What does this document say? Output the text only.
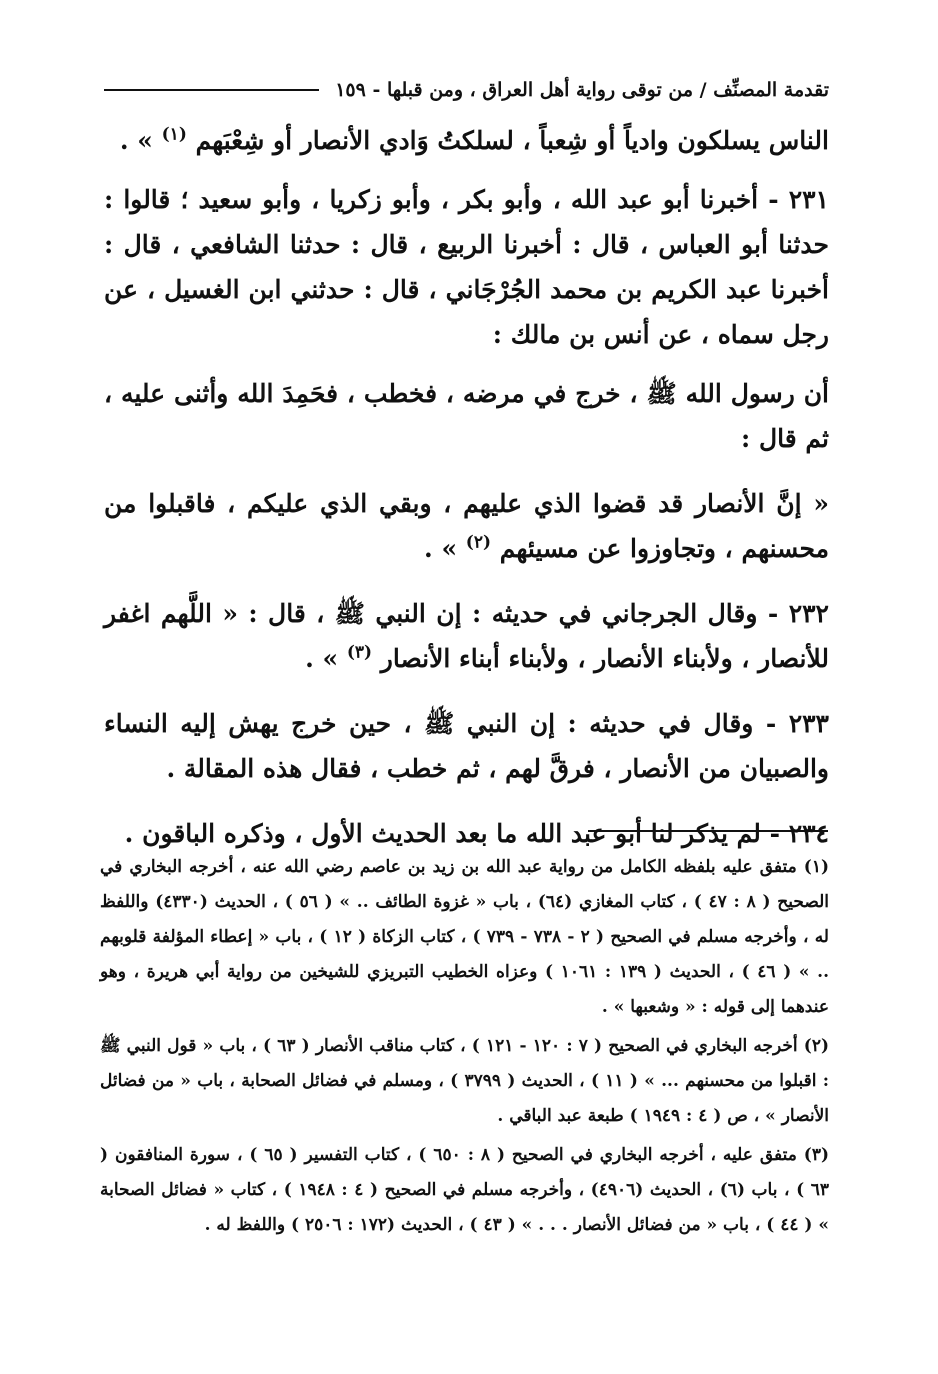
تقدمة المصنِّف / من توقى رواية أهل العراق ، ومن قبلها - ١٥٩

الناس يسلكون وادياً أو شِعباً ، لسلكتُ وَادي الأنصار أو شِعْبَهم $^{(١)}$ » .

٢٣١ - أخبرنا أبو عبد الله ، وأبو بكر ، وأبو زكريا ، وأبو سعيد ؛ قالوا : حدثنا أبو العباس ، قال : أخبرنا الربيع ، قال : حدثنا الشافعي ، قال : أخبرنا عبد الكريم بن محمد الجُرْجَاني ، قال : حدثني ابن الغسيل ، عن رجل سماه ، عن أنس بن مالك :

أن رسول الله ﷺ ، خرج في مرضه ، فخطب ، فحَمِدَ الله وأثنى عليه ، ثم قال :

« إنَّ الأنصار قد قضوا الذي عليهم ، وبقي الذي عليكم ، فاقبلوا من محسنهم ، وتجاوزوا عن مسيئهم $^{(٢)}$ » .

٢٣٢ - وقال الجرجاني في حديثه : إن النبي ﷺ ، قال : « اللَّهم اغفر للأنصار ، ولأبناء الأنصار ، ولأبناء أبناء الأنصار $^{(٣)}$ » .

٢٣٣ - وقال في حديثه : إن النبي ﷺ ، حين خرج يهش إليه النساء والصبيان من الأنصار ، فرقَّ لهم ، ثم خطب ، فقال هذه المقالة .

٢٣٤ - لم يذكر لنا أبو عبد الله ما بعد الحديث الأول ، وذكره الباقون .

(١) متفق عليه بلفظه الكامل من رواية عبد الله بن زيد بن عاصم رضي الله عنه ، أخرجه البخاري في الصحيح ( ٨ : ٤٧ ) ، كتاب المغازي (٦٤) ، باب « غزوة الطائف .. » ( ٥٦ ) ، الحديث (٤٣٣٠) واللفظ له ، وأخرجه مسلم في الصحيح ( ٢ - ٧٣٨ - ٧٣٩ ) ، كتاب الزكاة ( ١٢ ) ، باب « إعطاء المؤلفة قلوبهم .. » ( ٤٦ ) ، الحديث ( ١٣٩ : ١٠٦١ ) وعزاه الخطيب التبريزي للشيخين من رواية أبي هريرة ، وهو عندهما إلى قوله : « وشعبها » .

(٢) أخرجه البخاري في الصحيح ( ٧ : ١٢٠ - ١٢١ ) ، كتاب مناقب الأنصار ( ٦٣ ) ، باب « قول النبي ﷺ : اقبلوا من محسنهم ... » ( ١١ ) ، الحديث ( ٣٧٩٩ ) ، ومسلم في فضائل الصحابة ، باب « من فضائل الأنصار » ، ص ( ٤ : ١٩٤٩ ) طبعة عبد الباقي .

(٣) متفق عليه ، أخرجه البخاري في الصحيح ( ٨ : ٦٥٠ ) ، كتاب التفسير ( ٦٥ ) ، سورة المنافقون ( ٦٣ ) ، باب (٦) ، الحديث (٤٩٠٦) ، وأخرجه مسلم في الصحيح ( ٤ : ١٩٤٨ ) ، كتاب « فضائل الصحابة » ( ٤٤ ) ، باب « من فضائل الأنصار . . . » ( ٤٣ ) ، الحديث (١٧٢ : ٢٥٠٦ ) واللفظ له .
